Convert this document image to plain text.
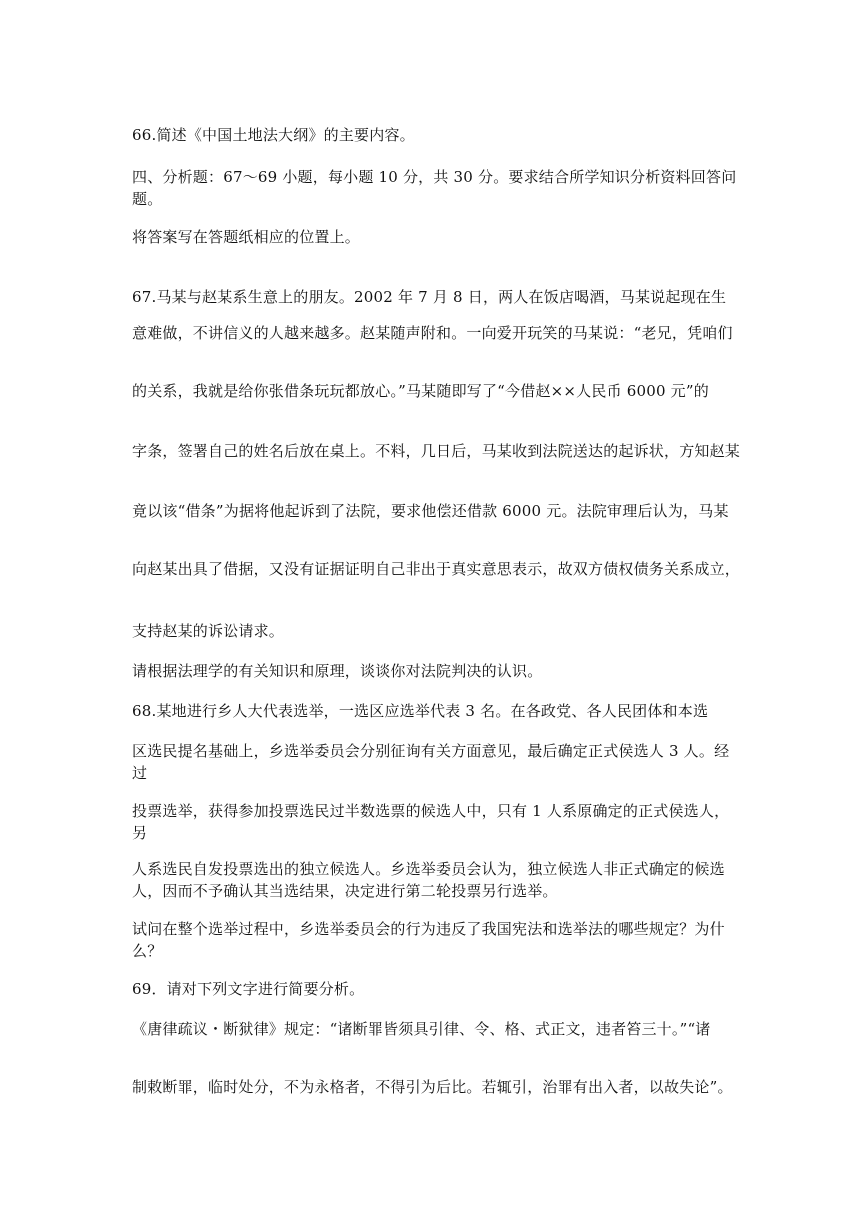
66.简述《中国土地法大纲》的主要内容。
四、分析题：67～69 小题，每小题 10 分，共 30 分。要求结合所学知识分析资料回答问题。
将答案写在答题纸相应的位置上。
67.马某与赵某系生意上的朋友。2002 年 7 月 8 日，两人在饭店喝酒，马某说起现在生
意难做，不讲信义的人越来越多。赵某随声附和。一向爱开玩笑的马某说：“老兄，凭咱们
的关系，我就是给你张借条玩玩都放心。”马某随即写了“今借赵××人民币 6000 元”的
字条，签署自己的姓名后放在桌上。不料，几日后，马某收到法院送达的起诉状，方知赵某
竟以该“借条”为据将他起诉到了法院，要求他偿还借款 6000 元。法院审理后认为，马某
向赵某出具了借据，又没有证据证明自己非出于真实意思表示，故双方债权债务关系成立，
支持赵某的诉讼请求。
请根据法理学的有关知识和原理，谈谈你对法院判决的认识。
68.某地进行乡人大代表选举，一选区应选举代表 3 名。在各政党、各人民团体和本选
区选民提名基础上，乡选举委员会分别征询有关方面意见，最后确定正式侯选人 3 人。经过
投票选举，获得参加投票选民过半数选票的候选人中，只有 1 人系原确定的正式侯选人，另
人系选民自发投票选出的独立候选人。乡选举委员会认为，独立候选人非正式确定的候选人，因而不予确认其当选结果，决定进行第二轮投票另行选举。
试问在整个选举过程中，乡选举委员会的行为违反了我国宪法和选举法的哪些规定？为什么？
69．请对下列文字进行简要分析。
《唐律疏议・断狱律》规定：“诸断罪皆须具引律、令、格、式正文，违者笞三十。”“诸
制敕断罪，临时处分，不为永格者，不得引为后比。若辄引，治罪有出入者，以故失论”。
